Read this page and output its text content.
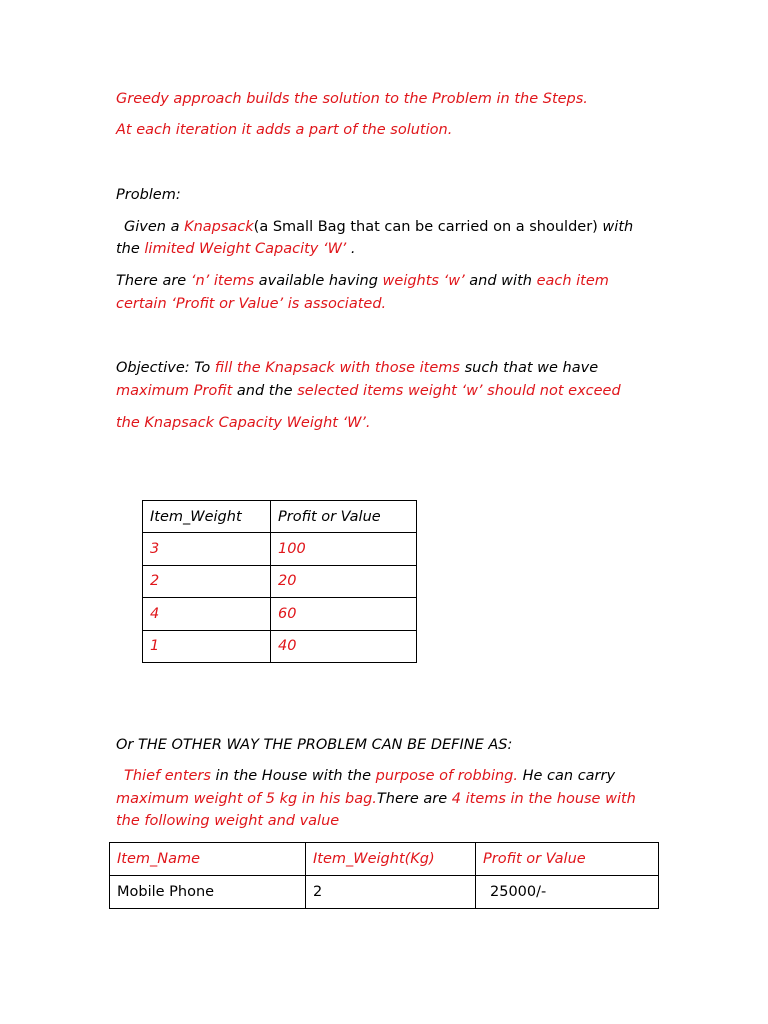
Greedy approach builds the solution to the Problem in the Steps.
At each iteration it adds a part of the solution.
Problem:
Given a Knapsack(a Small Bag that can be carried on a shoulder) with
the limited Weight Capacity ‘W’ .
There are ‘n’ items available having weights ‘w’ and with each item
certain ‘Profit or Value’ is associated.
Objective: To fill the Knapsack with those items such that we have
maximum Profit and the selected items weight ‘w’ should not exceed
the Knapsack Capacity Weight ‘W’.
Item_Weight	Profit or Value
3	100
2	20
4	60
1	40
Or THE OTHER WAY THE PROBLEM CAN BE DEFINE AS:
Thief enters in the House with the purpose of robbing. He can carry
maximum weight of 5 kg in his bag.There are 4 items in the house with
the following weight and value
Item_Name	Item_Weight(Kg)	Profit or Value
Mobile Phone	2	25000/-
